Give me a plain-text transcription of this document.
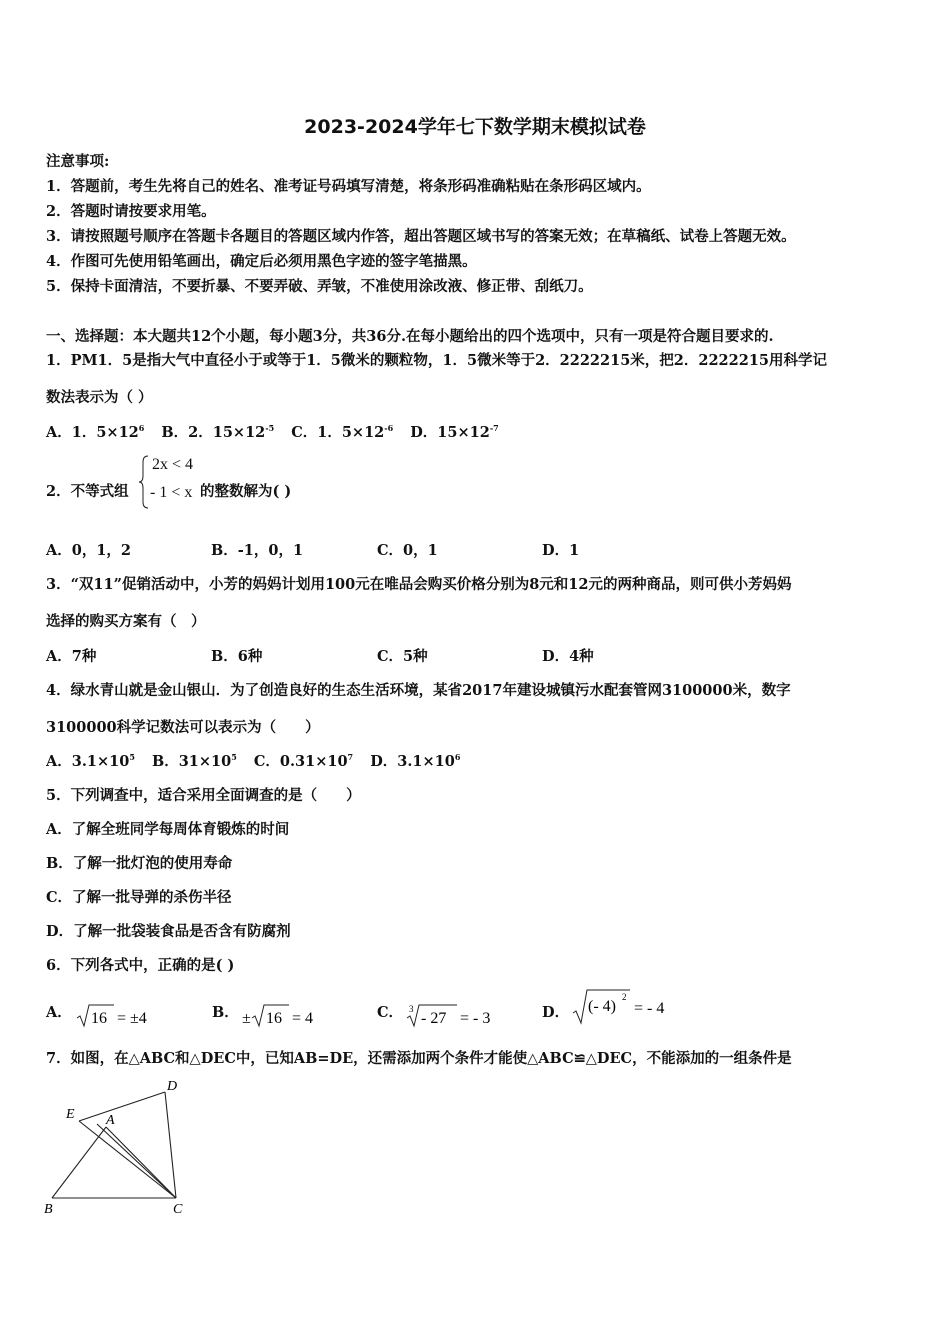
2023-2024学年七下数学期末模拟试卷
注意事项:
1．答题前，考生先将自己的姓名、准考证号码填写清楚，将条形码准确粘贴在条形码区域内。
2．答题时请按要求用笔。
3．请按照题号顺序在答题卡各题目的答题区域内作答，超出答题区域书写的答案无效；在草稿纸、试卷上答题无效。
4．作图可先使用铅笔画出，确定后必须用黑色字迹的签字笔描黑。
5．保持卡面清洁，不要折暴、不要弄破、弄皱，不准使用涂改液、修正带、刮纸刀。
一、选择题：本大题共12个小题，每小题3分，共36分.在每小题给出的四个选项中，只有一项是符合题目要求的.
1．PM1．5是指大气中直径小于或等于1．5微米的颗粒物，1．5微米等于2．2222215米，把2．2222215用科学记
数法表示为（ ）
A．1．$5\times 12^6$ B．2．$15\times 12^{-5}$ C．1．$5\times 12^{-6}$ D．$15\times 12^{-7}$
2．不等式组
2x < 4
- 1 < x 的整数解为( )
A．0，1，2	B．-1，0，1	C．0，1	D．1
3．“双11”促销活动中，小芳的妈妈计划用100元在唯品会购买价格分别为8元和12元的两种商品，则可供小芳妈妈
选择的购买方案有（　）
A．7种	B．6种	C．5种	D．4种
4．绿水青山就是金山银山．为了创造良好的生态生活环境，某省2017年建设城镇污水配套管网3100000米，数字
3100000科学记数法可以表示为（　　）
A．$3.1\times 10^5$ B．$31\times 10^5$ C．$0.31\times 10^7$ D．$3.1\times 10^6$
5．下列调查中，适合采用全面调查的是（　　）
A．了解全班同学每周体育锻炼的时间
B．了解一批灯泡的使用寿命
C．了解一批导弹的杀伤半径
D．了解一批袋装食品是否含有防腐剂
6．下列各式中，正确的是( )
A． 16 = ±4	B． ± 16 = 4	C． 3
- 27 = - 3	D． (- 4)
2
= - 4
7．如图，在△ABC和△DEC中，已知AB=DE，还需添加两个条件才能使△ABC≌△DEC，不能添加的一组条件是
D
E A
B	C
